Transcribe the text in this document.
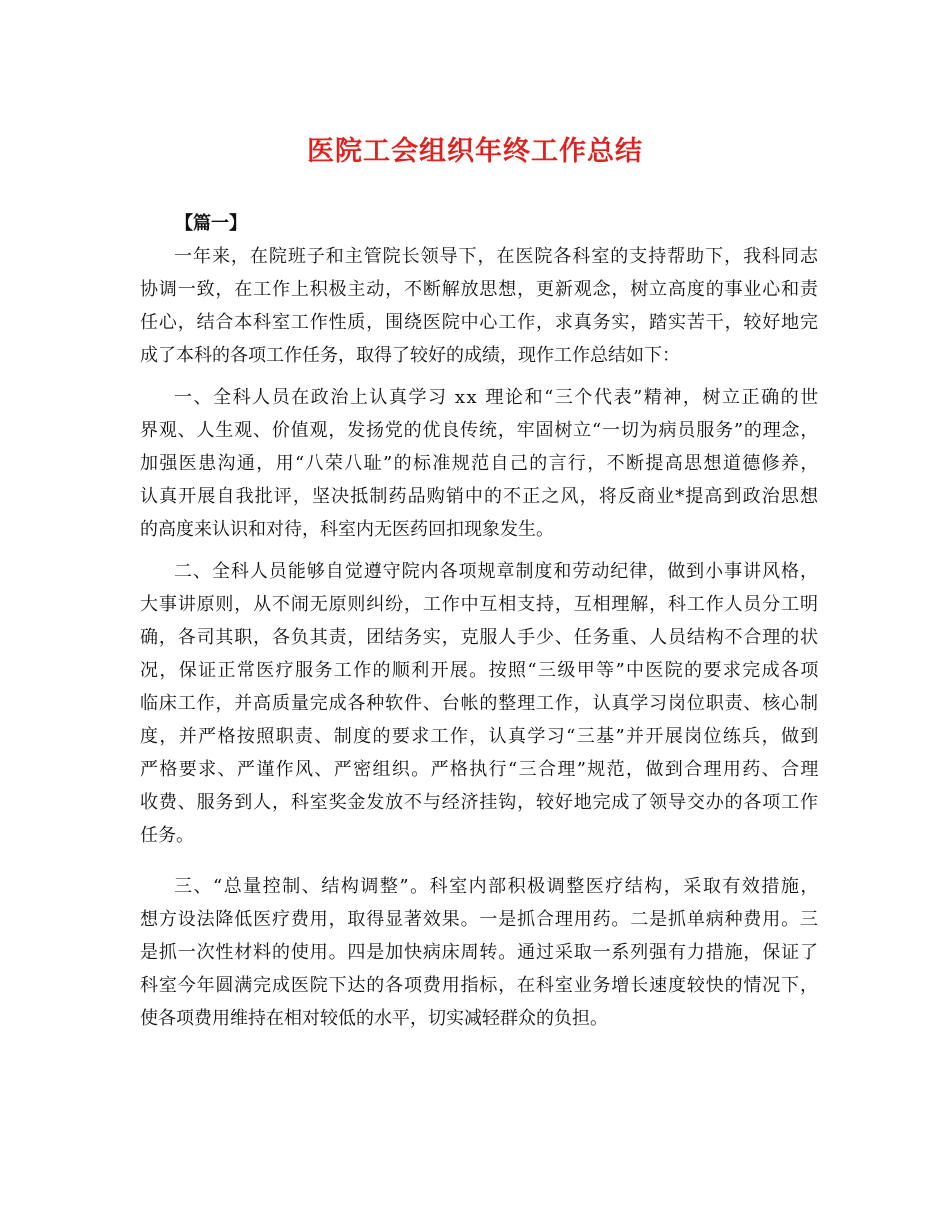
医院工会组织年终工作总结
【篇一】
一年来，在院班子和主管院长领导下，在医院各科室的支持帮助下，我科同志
协调一致，在工作上积极主动，不断解放思想，更新观念，树立高度的事业心和责
任心，结合本科室工作性质，围绕医院中心工作，求真务实，踏实苦干，较好地完
成了本科的各项工作任务，取得了较好的成绩，现作工作总结如下：
一、全科人员在政治上认真学习 xx 理论和“三个代表”精神，树立正确的世
界观、人生观、价值观，发扬党的优良传统，牢固树立“一切为病员服务”的理念，
加强医患沟通，用“八荣八耻”的标准规范自己的言行，不断提高思想道德修养，
认真开展自我批评，坚决抵制药品购销中的不正之风，将反商业*提高到政治思想
的高度来认识和对待，科室内无医药回扣现象发生。
二、全科人员能够自觉遵守院内各项规章制度和劳动纪律，做到小事讲风格，
大事讲原则，从不闹无原则纠纷，工作中互相支持，互相理解，科工作人员分工明
确，各司其职，各负其责，团结务实，克服人手少、任务重、人员结构不合理的状
况，保证正常医疗服务工作的顺利开展。按照“三级甲等”中医院的要求完成各项
临床工作，并高质量完成各种软件、台帐的整理工作，认真学习岗位职责、核心制
度，并严格按照职责、制度的要求工作，认真学习“三基”并开展岗位练兵，做到
严格要求、严谨作风、严密组织。严格执行“三合理”规范，做到合理用药、合理
收费、服务到人，科室奖金发放不与经济挂钩，较好地完成了领导交办的各项工作
任务。
三、“总量控制、结构调整”。科室内部积极调整医疗结构，采取有效措施，
想方设法降低医疗费用，取得显著效果。一是抓合理用药。二是抓单病种费用。三
是抓一次性材料的使用。四是加快病床周转。通过采取一系列强有力措施，保证了
科室今年圆满完成医院下达的各项费用指标，在科室业务增长速度较快的情况下，
使各项费用维持在相对较低的水平，切实减轻群众的负担。
